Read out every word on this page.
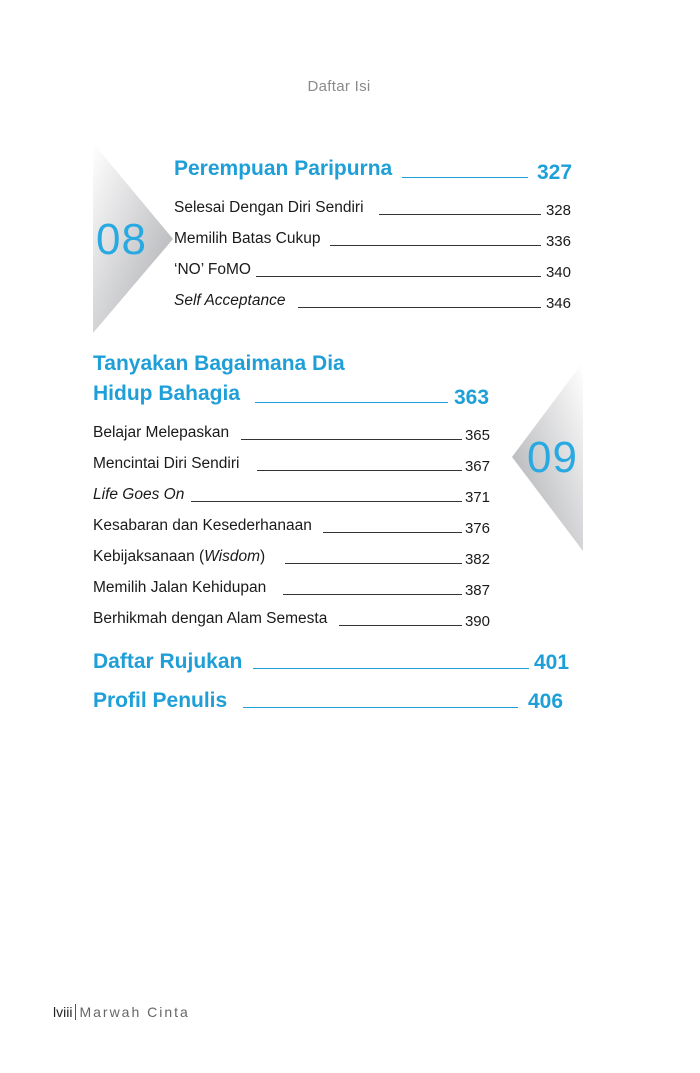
Daftar Isi
08
Perempuan Paripurna	327
Selesai Dengan Diri Sendiri	328
Memilih Batas Cukup	336
‘NO’ FoMO	340
Self Acceptance	346
09
Tanyakan Bagaimana Dia
Hidup Bahagia	363
Belajar Melepaskan	365
Mencintai Diri Sendiri	367
Life Goes On	371
Kesabaran dan Kesederhanaan	376
Kebijaksanaan (Wisdom)	382
Memilih Jalan Kehidupan	387
Berhikmah dengan Alam Semesta	390
Daftar Rujukan	401
Profil Penulis	406
lviii Marwah Cinta
